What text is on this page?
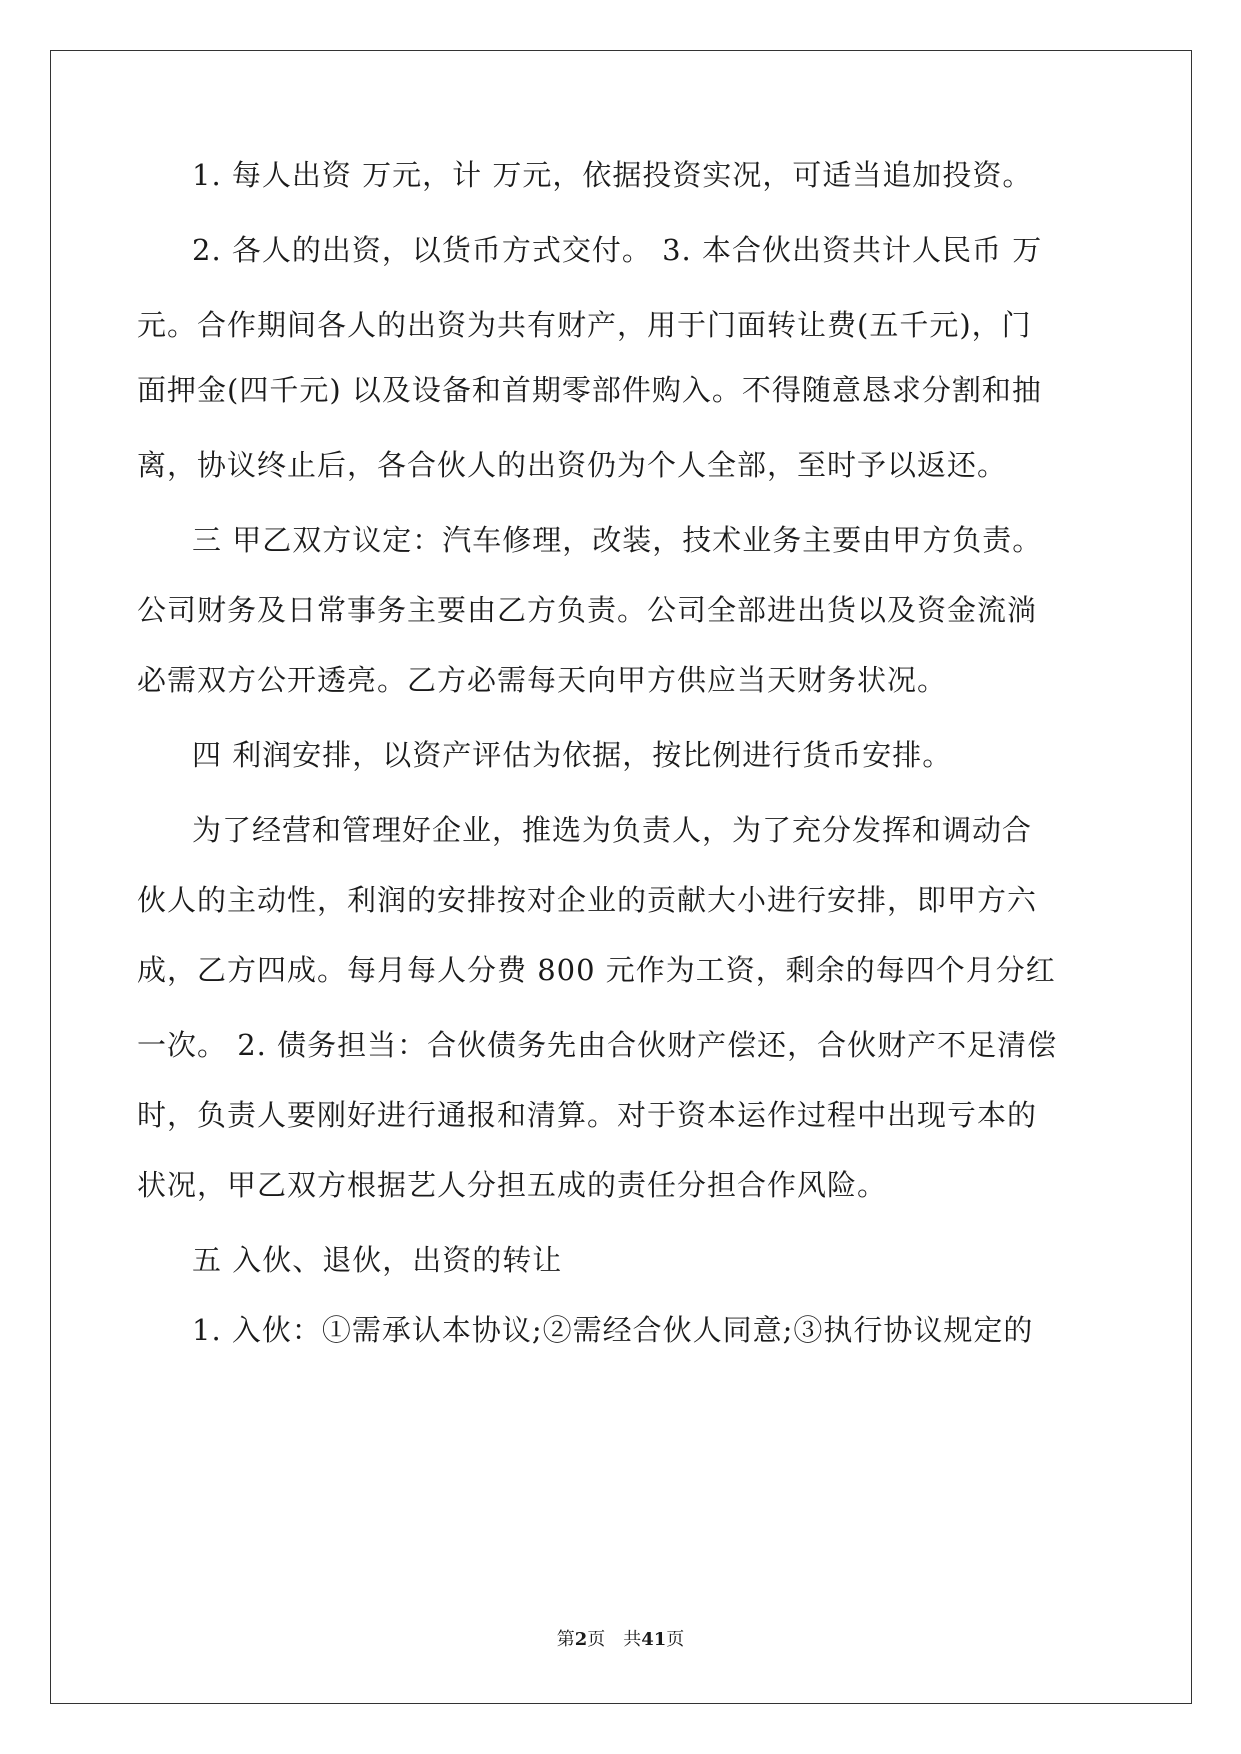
1. 每人出资 万元，计 万元，依据投资实况，可适当追加投资。
2. 各人的出资，以货币方式交付。 3. 本合伙出资共计人民币 万
元。合作期间各人的出资为共有财产，用于门面转让费(五千元)，门
面押金(四千元) 以及设备和首期零部件购入。不得随意恳求分割和抽
离，协议终止后，各合伙人的出资仍为个人全部，至时予以返还。
三 甲乙双方议定：汽车修理，改装，技术业务主要由甲方负责。
公司财务及日常事务主要由乙方负责。公司全部进出货以及资金流淌
必需双方公开透亮。乙方必需每天向甲方供应当天财务状况。
四 利润安排，以资产评估为依据，按比例进行货币安排。
为了经营和管理好企业，推选为负责人，为了充分发挥和调动合
伙人的主动性，利润的安排按对企业的贡献大小进行安排，即甲方六
成，乙方四成。每月每人分费 800 元作为工资，剩余的每四个月分红
一次。 2. 债务担当：合伙债务先由合伙财产偿还，合伙财产不足清偿
时，负责人要刚好进行通报和清算。对于资本运作过程中出现亏本的
状况，甲乙双方根据艺人分担五成的责任分担合作风险。
五 入伙、退伙，出资的转让
1. 入伙：①需承认本协议;②需经合伙人同意;③执行协议规定的
第2页 共41页
